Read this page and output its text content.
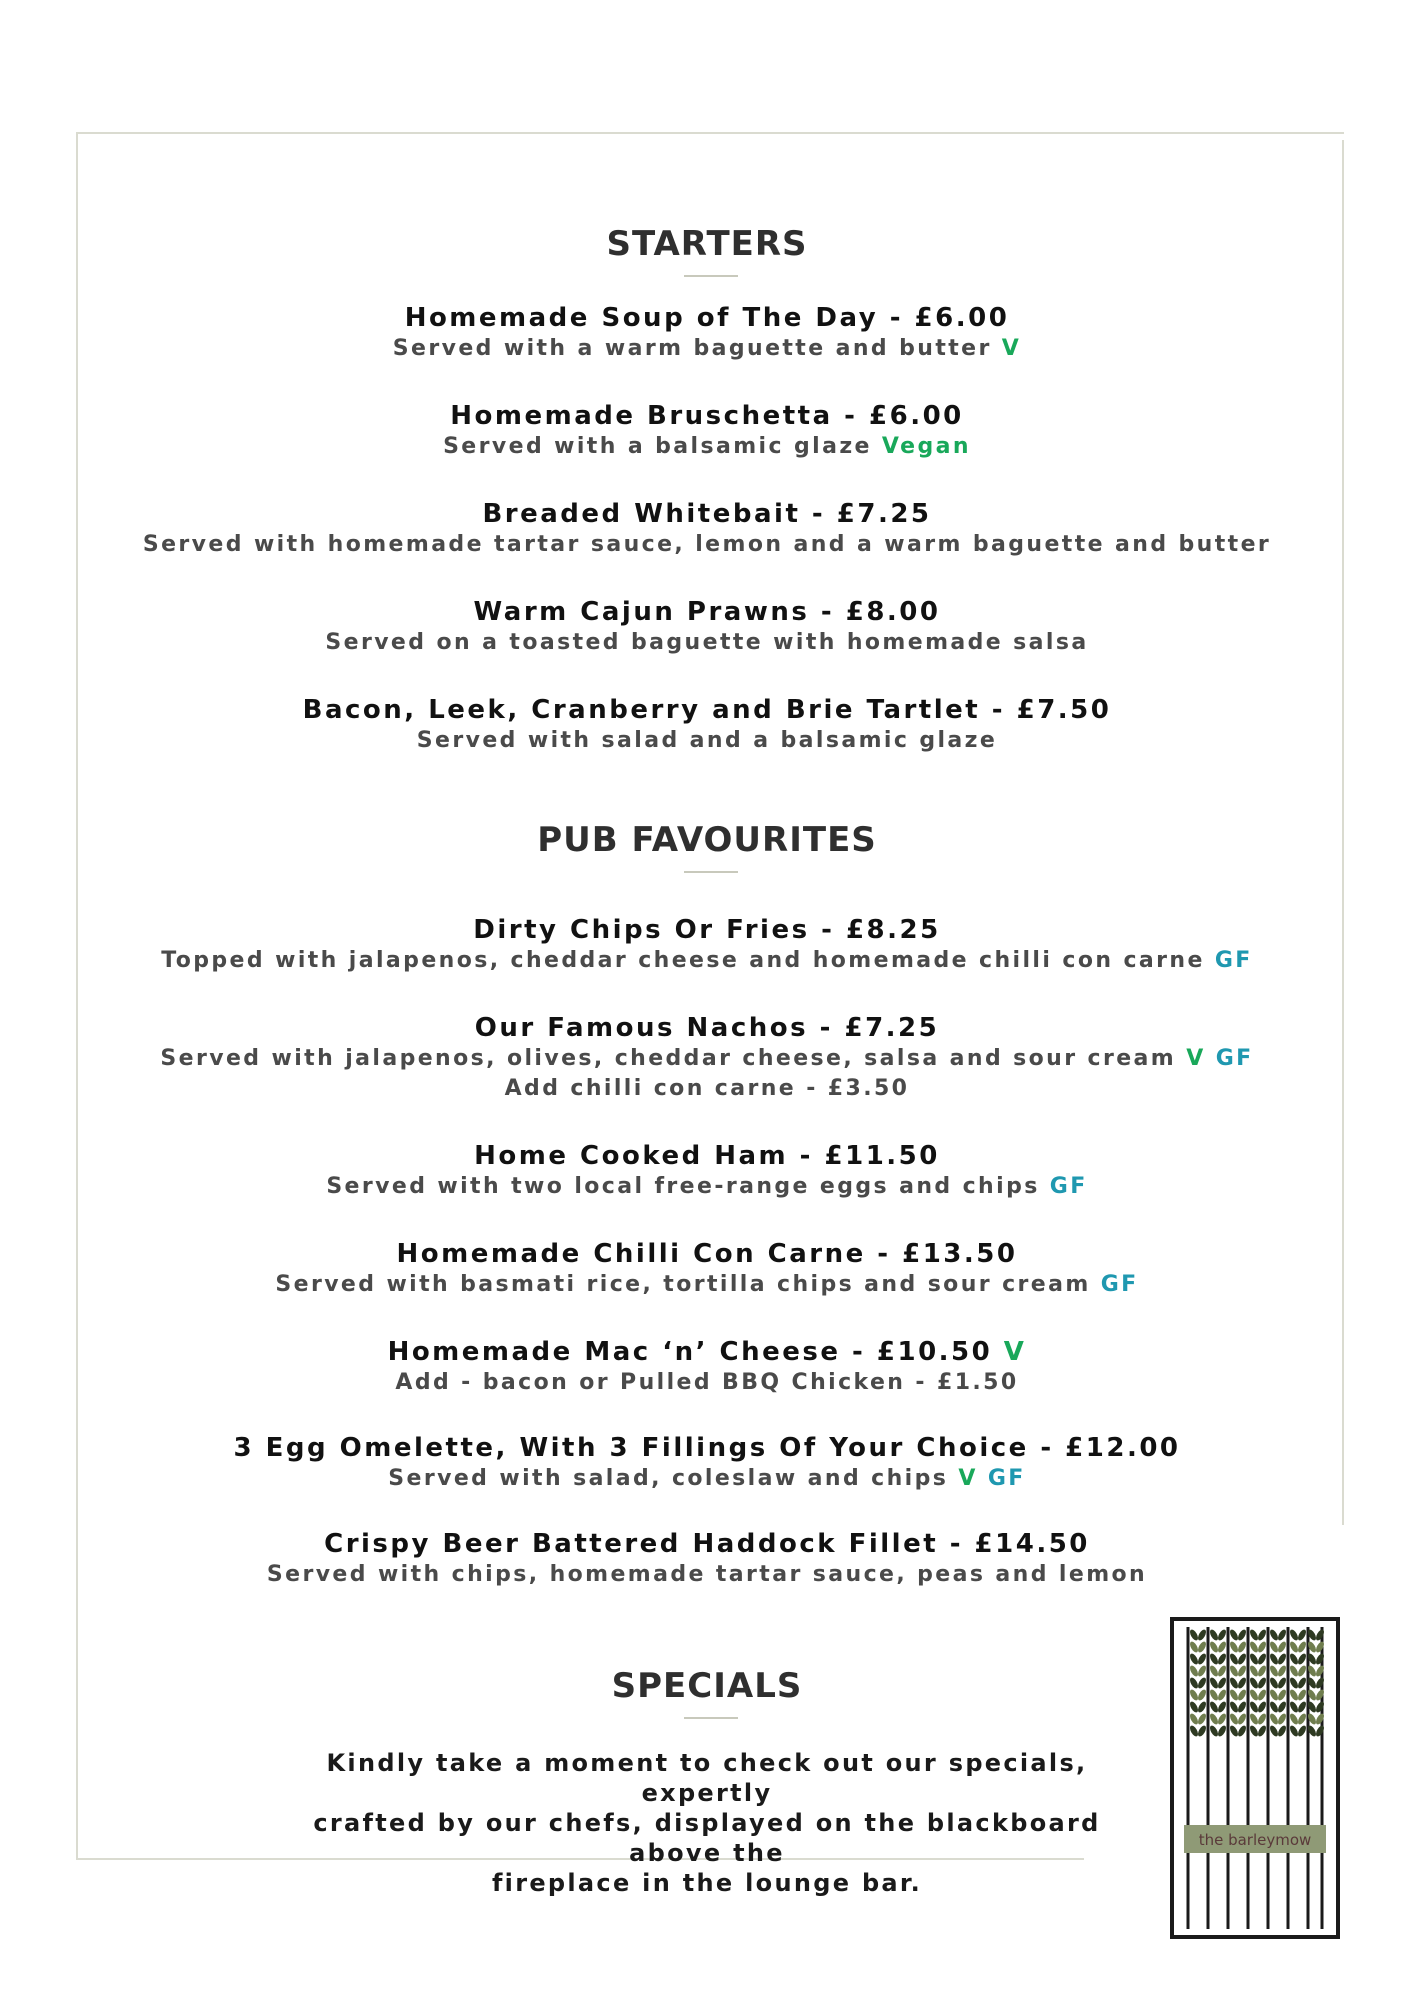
STARTERS
Homemade Soup of The Day - £6.00
Served with a warm baguette and butter V
Homemade Bruschetta - £6.00
Served with a balsamic glaze Vegan
Breaded Whitebait - £7.25
Served with homemade tartar sauce, lemon and a warm baguette and butter
Warm Cajun Prawns - £8.00
Served on a toasted baguette with homemade salsa
Bacon, Leek, Cranberry and Brie Tartlet - £7.50
Served with salad and a balsamic glaze
PUB FAVOURITES
Dirty Chips Or Fries - £8.25
Topped with jalapenos, cheddar cheese and homemade chilli con carne GF
Our Famous Nachos - £7.25
Served with jalapenos, olives, cheddar cheese, salsa and sour cream V GF
Add chilli con carne - £3.50
Home Cooked Ham - £11.50
Served with two local free-range eggs and chips GF
Homemade Chilli Con Carne - £13.50
Served with basmati rice, tortilla chips and sour cream GF
Homemade Mac ‘n’ Cheese - £10.50 V
Add - bacon or Pulled BBQ Chicken - £1.50
3 Egg Omelette, With 3 Fillings Of Your Choice - £12.00
Served with salad, coleslaw and chips V GF
Crispy Beer Battered Haddock Fillet - £14.50
Served with chips, homemade tartar sauce, peas and lemon
SPECIALS

Kindly take a moment to check out our specials, expertly
crafted by our chefs, displayed on the blackboard above the
fireplace in the lounge bar.

the barleymow
